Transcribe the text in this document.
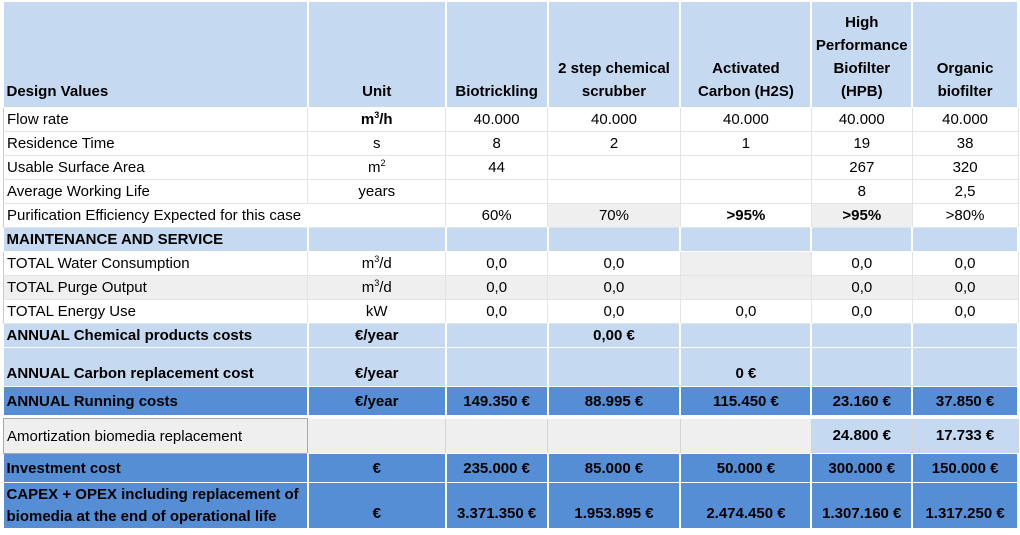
Design Values	Unit	Biotrickling	2 step chemical scrubber	Activated Carbon (H2S)	High Performance Biofilter (HPB)	Organic biofilter
Flow rate	$m^3/h$	40.000	40.000	40.000	40.000	40.000
Residence Time	s	8	2	1	19	38
Usable Surface Area	$m^2$	44			267	320
Average Working Life	years				8	2,5
Purification Efficiency Expected for this case		60%	70%	>95%	>95%	>80%
MAINTENANCE AND SERVICE						
TOTAL Water Consumption	$m^3/d$	0,0	0,0		0,0	0,0
TOTAL Purge Output	$m^3/d$	0,0	0,0		0,0	0,0
TOTAL Energy Use	kW	0,0	0,0	0,0	0,0	0,0
ANNUAL Chemical products costs	€/year		0,00 €			
ANNUAL Carbon replacement cost	€/year			0 €		
ANNUAL Running costs	€/year	149.350 €	88.995 €	115.450 €	23.160 €	37.850 €

Amortization biomedia replacement					24.800 €	17.733 €
Investment cost	€	235.000 €	85.000 €	50.000 €	300.000 €	150.000 €
CAPEX + OPEX including replacement of biomedia at the end of operational life	€	3.371.350 €	1.953.895 €	2.474.450 €	1.307.160 €	1.317.250 €
